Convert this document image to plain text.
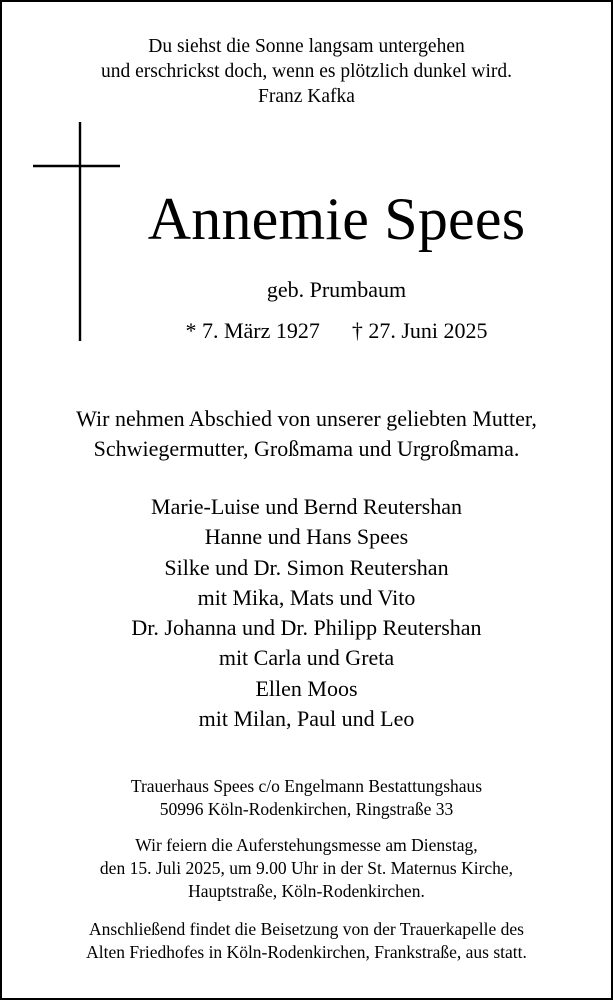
Du siehst die Sonne langsam untergehen
und erschrickst doch, wenn es plötzlich dunkel wird.
Franz Kafka
Annemie Spees
geb. Prumbaum
* 7. März 1927 † 27. Juni 2025
Wir nehmen Abschied von unserer geliebten Mutter,
Schwiegermutter, Großmama und Urgroßmama.
Marie-Luise und Bernd Reutershan
Hanne und Hans Spees
Silke und Dr. Simon Reutershan
mit Mika, Mats und Vito
Dr. Johanna und Dr. Philipp Reutershan
mit Carla und Greta
Ellen Moos
mit Milan, Paul und Leo
Trauerhaus Spees c/o Engelmann Bestattungshaus
50996 Köln-Rodenkirchen, Ringstraße 33
Wir feiern die Auferstehungsmesse am Dienstag,
den 15. Juli 2025, um 9.00 Uhr in der St. Maternus Kirche,
Hauptstraße, Köln-Rodenkirchen.
Anschließend findet die Beisetzung von der Trauerkapelle des
Alten Friedhofes in Köln-Rodenkirchen, Frankstraße, aus statt.
